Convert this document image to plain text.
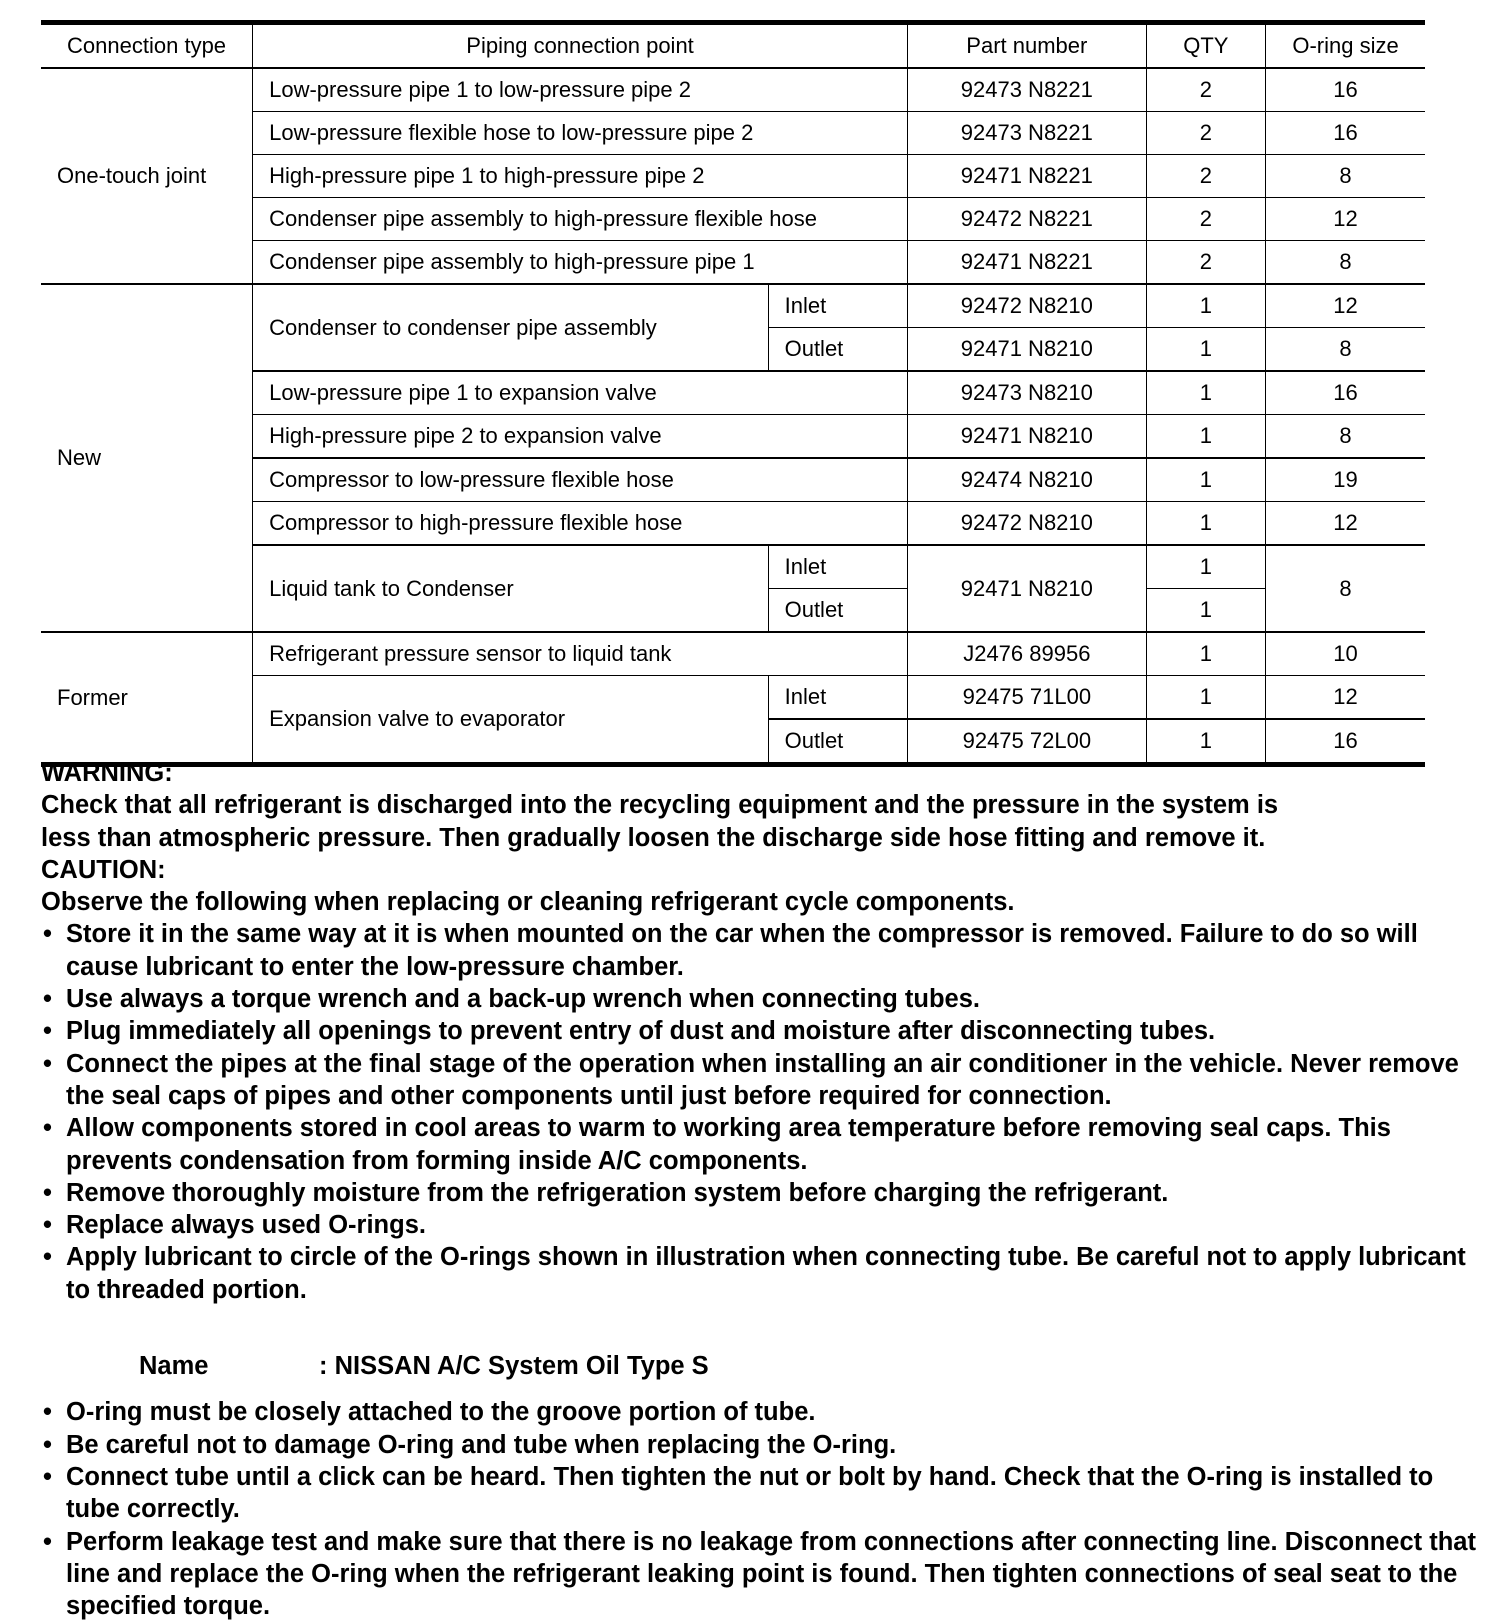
Connection type	Piping connection point		Part number	QTY	O-ring size
One-touch joint	Low-pressure pipe 1 to low-pressure pipe 2		92473 N8221	2	16
	Low-pressure flexible hose to low-pressure pipe 2		92473 N8221	2	16
	High-pressure pipe 1 to high-pressure pipe 2		92471 N8221	2	8
	Condenser pipe assembly to high-pressure flexible hose		92472 N8221	2	12
	Condenser pipe assembly to high-pressure pipe 1		92471 N8221	2	8
New	Condenser to condenser pipe assembly	Inlet	92472 N8210	1	12
		Outlet	92471 N8210	1	8
	Low-pressure pipe 1 to expansion valve		92473 N8210	1	16
	High-pressure pipe 2 to expansion valve		92471 N8210	1	8
	Compressor to low-pressure flexible hose		92474 N8210	1	19
	Compressor to high-pressure flexible hose		92472 N8210	1	12
	Liquid tank to Condenser	Inlet	92471 N8210	1	8
		Outlet		1	
Former	Refrigerant pressure sensor to liquid tank		J2476 89956	1	10
	Expansion valve to evaporator	Inlet	92475 71L00	1	12
		Outlet	92475 72L00	1	16

WARNING:

Check that all refrigerant is discharged into the recycling equipment and the pressure in the system is

less than atmospheric pressure. Then gradually loosen the discharge side hose fitting and remove it.

CAUTION:

Observe the following when replacing or cleaning refrigerant cycle components.

• Store it in the same way at it is when mounted on the car when the compressor is removed. Failure to do so will cause lubricant to enter the low-pressure chamber.
• Use always a torque wrench and a back-up wrench when connecting tubes.
• Plug immediately all openings to prevent entry of dust and moisture after disconnecting tubes.
• Connect the pipes at the final stage of the operation when installing an air conditioner in the vehicle. Never remove the seal caps of pipes and other components until just before required for connection.
• Allow components stored in cool areas to warm to working area temperature before removing seal caps. This prevents condensation from forming inside A/C components.
• Remove thoroughly moisture from the refrigeration system before charging the refrigerant.
• Replace always used O-rings.
• Apply lubricant to circle of the O-rings shown in illustration when connecting tube. Be careful not to apply lubricant to threaded portion.
Name	: NISSAN A/C System Oil Type S
• O-ring must be closely attached to the groove portion of tube.
• Be careful not to damage O-ring and tube when replacing the O-ring.
• Connect tube until a click can be heard. Then tighten the nut or bolt by hand. Check that the O-ring is installed to tube correctly.
• Perform leakage test and make sure that there is no leakage from connections after connecting line. Disconnect that line and replace the O-ring when the refrigerant leaking point is found. Then tighten connections of seal seat to the specified torque.
